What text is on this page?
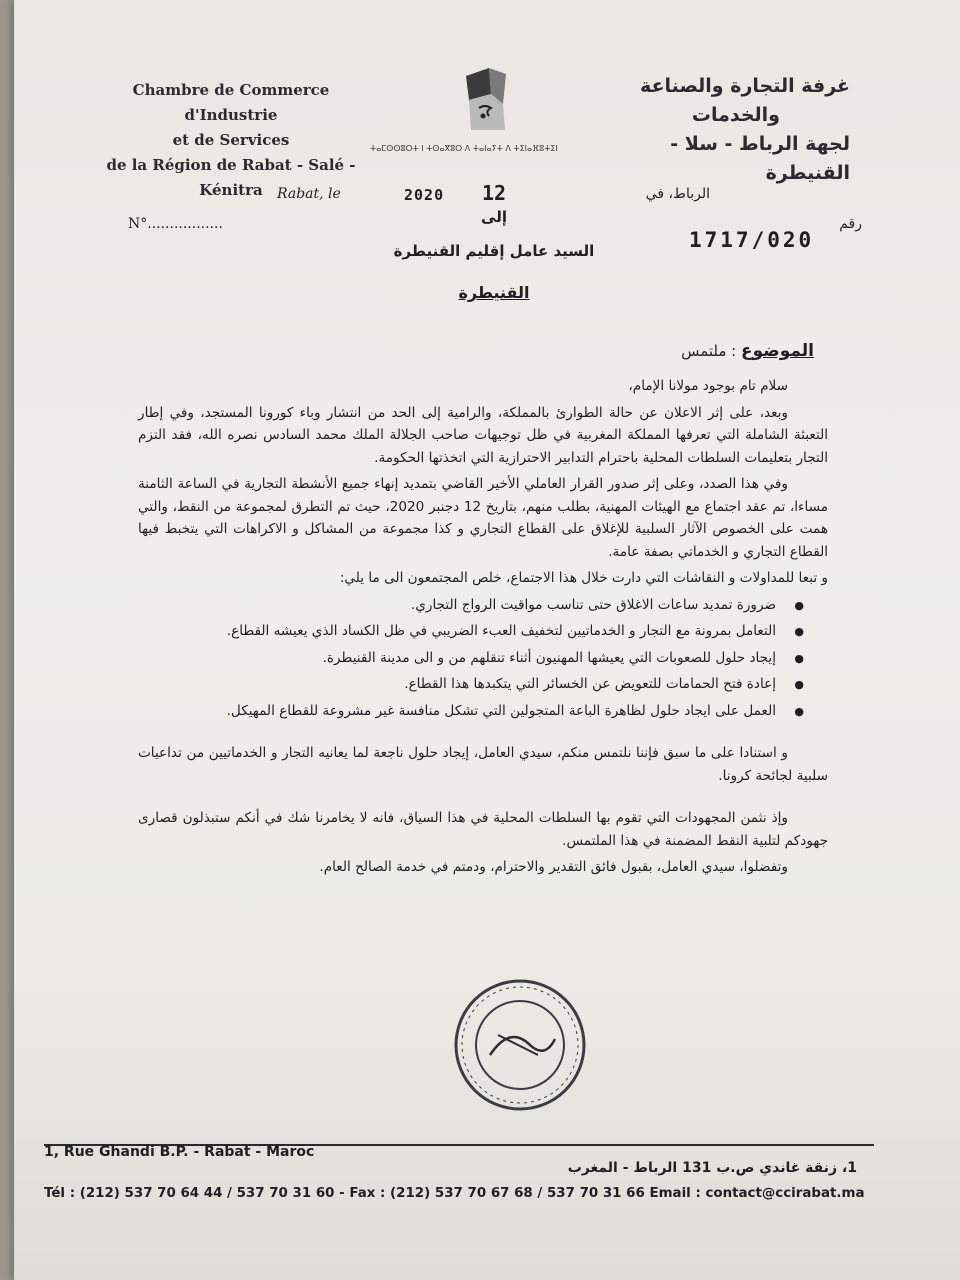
Chambre de Commerce d'Industrie
et de Services
de la Région de Rabat - Salé - Kénitra
ⵜⴰⵎⵙⵙⵓⵔⵜ ⵏ ⵜⵙⴰⴳⵓⵔ ⴷ ⵜⴰⵏⴰⵢⵜ ⴷ ⵜⵉⵏⴰⴼⵓⵜⵉⵏ
غرفة التجارة والصناعة
والخدمات
لجهة الرباط - سلا - القنيطرة
Rabat, le	2020 12	الرباط، في
N°.................	رقم
1717/020
إلى
السيد عامل إقليم القنيطرة
القنيطرة
الموضوع : ملتمس

سلام تام بوجود مولانا الإمام،

وبعد، على إثر الاعلان عن حالة الطوارئ بالمملكة، والرامية إلى الحد من انتشار وباء كورونا المستجد، وفي إطار التعبئة الشاملة التي تعرفها المملكة المغربية في ظل توجيهات صاحب الجلالة الملك محمد السادس نصره الله، فقد التزم التجار بتعليمات السلطات المحلية باحترام التدابير الاحترازية التي اتخذتها الحكومة.

وفي هذا الصدد، وعلى إثر صدور القرار العاملي الأخير القاضي بتمديد إنهاء جميع الأنشطة التجارية في الساعة الثامنة مساءا، تم عقد اجتماع مع الهيئات المهنية، بطلب منهم، بتاريخ 12 دجنبر 2020، حيث تم التطرق لمجموعة من النقط، والتي همت على الخصوص الآثار السلبية للإغلاق على القطاع التجاري و كذا مجموعة من المشاكل و الاكراهات التي يتخبط فيها القطاع التجاري و الخدماتي بصفة عامة.

و تبعا للمداولات و النقاشات التي دارت خلال هذا الاجتماع، خلص المجتمعون الى ما يلي:

● ضرورة تمديد ساعات الاغلاق حتى تناسب مواقيت الرواج التجاري.
● التعامل بمرونة مع التجار و الخدماتيين لتخفيف العبء الضريبي في ظل الكساد الذي يعيشه القطاع.
● إيجاد حلول للصعوبات التي يعيشها المهنيون أثناء تنقلهم من و الى مدينة القنيطرة.
● إعادة فتح الحمامات للتعويض عن الخسائر التي يتكبدها هذا القطاع.
● العمل على ايجاد حلول لظاهرة الباعة المتجولين التي تشكل منافسة غير مشروعة للقطاع المهيكل.

و استنادا على ما سبق فإننا نلتمس منكم، سيدي العامل، إيجاد حلول ناجعة لما يعانيه التجار و الخدماتيين من تداعيات سلبية لجائحة كرونا.

وإذ نثمن المجهودات التي تقوم بها السلطات المحلية في هذا السياق، فانه لا يخامرنا شك في أنكم ستبذلون قصارى جهودكم لتلبية النقط المضمنة في هذا الملتمس.

وتفضلوا، سيدي العامل، بقبول فائق التقدير والاحترام، ودمتم في خدمة الصالح العام.

1, Rue Ghandi B.P. - Rabat - Maroc
1، زنقة غاندي ص.ب 131 الرباط - المغرب
Tél : (212) 537 70 64 44 / 537 70 31 60 - Fax : (212) 537 70 67 68 / 537 70 31 66 Email : contact@ccirabat.ma
